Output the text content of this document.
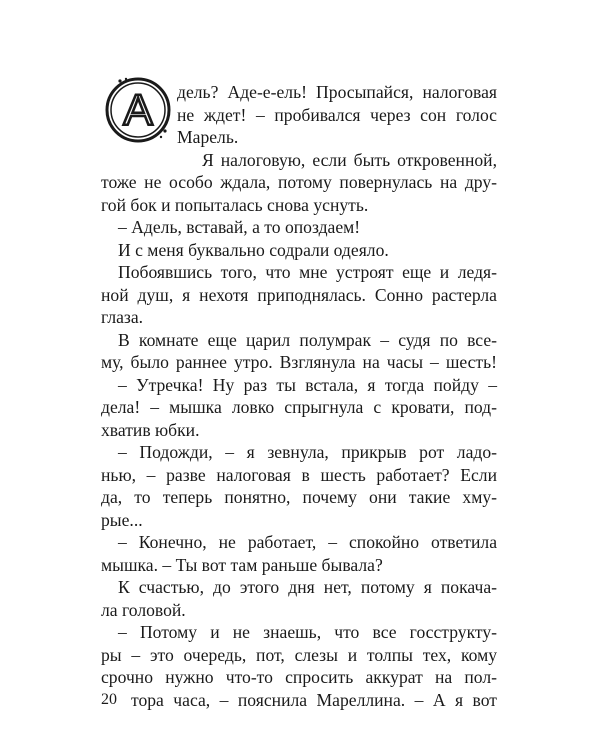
А дель? Аде-е-ель! Просыпайся, налоговая
не ждет! – пробивался через сон голос
Марель.
Я налоговую, если быть откровенной,
тоже не особо ждала, потому повернулась на дру-
гой бок и попыталась снова уснуть.
– Адель, вставай, а то опоздаем!
И с меня буквально содрали одеяло.
Побоявшись того, что мне устроят еще и ледя-
ной душ, я нехотя приподнялась. Сонно растерла
глаза.
В комнате еще царил полумрак – судя по все-
му, было раннее утро. Взглянула на часы – шесть!
– Утречка! Ну раз ты встала, я тогда пойду –
дела! – мышка ловко спрыгнула с кровати, под-
хватив юбки.
– Подожди, – я зевнула, прикрыв рот ладо-
нью, – разве налоговая в шесть работает? Если
да, то теперь понятно, почему они такие хму-
рые...
– Конечно, не работает, – спокойно ответила
мышка. – Ты вот там раньше бывала?
К счастью, до этого дня нет, потому я покача-
ла головой.
– Потому и не знаешь, что все госструкту-
ры – это очередь, пот, слезы и толпы тех, кому
срочно нужно что-то спросить аккурат на пол-
тора часа, – пояснила Мареллина. – А я вот
20
